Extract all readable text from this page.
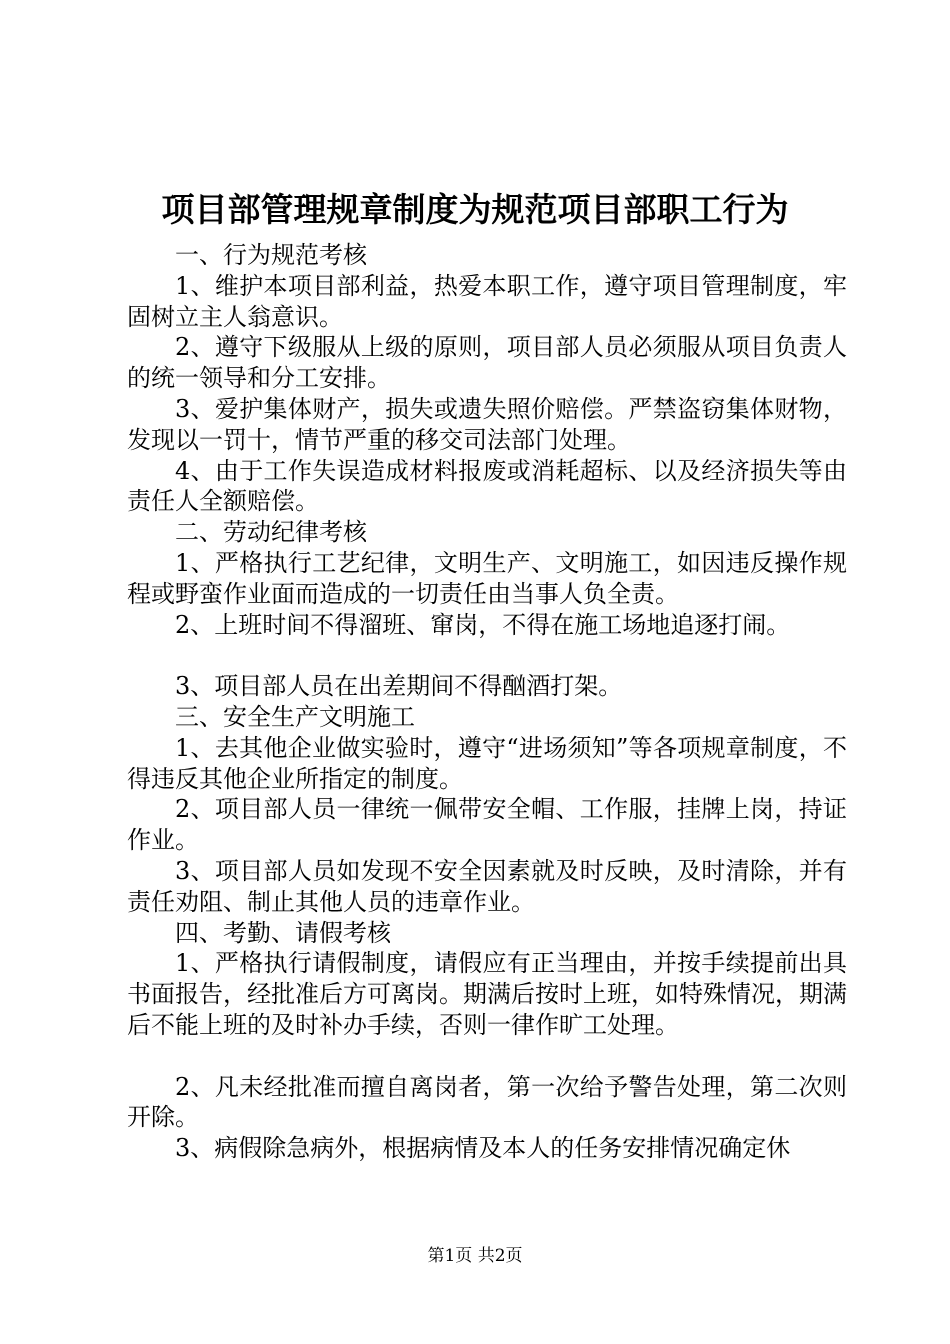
项目部管理规章制度为规范项目部职工行为

一、行为规范考核

1、维护本项目部利益，热爱本职工作，遵守项目管理制度，牢固树立主人翁意识。

2、遵守下级服从上级的原则，项目部人员必须服从项目负责人的统一领导和分工安排。

3、爱护集体财产，损失或遗失照价赔偿。严禁盗窃集体财物，发现以一罚十，情节严重的移交司法部门处理。

4、由于工作失误造成材料报废或消耗超标、以及经济损失等由责任人全额赔偿。

二、劳动纪律考核

1、严格执行工艺纪律，文明生产、文明施工，如因违反操作规程或野蛮作业面而造成的一切责任由当事人负全责。

2、上班时间不得溜班、窜岗，不得在施工场地追逐打闹。

3、项目部人员在出差期间不得酗酒打架。

三、安全生产文明施工

1、去其他企业做实验时，遵守“进场须知”等各项规章制度，不得违反其他企业所指定的制度。

2、项目部人员一律统一佩带安全帽、工作服，挂牌上岗，持证作业。

3、项目部人员如发现不安全因素就及时反映，及时清除，并有责任劝阻、制止其他人员的违章作业。

四、考勤、请假考核

1、严格执行请假制度，请假应有正当理由，并按手续提前出具书面报告，经批准后方可离岗。期满后按时上班，如特殊情况，期满后不能上班的及时补办手续，否则一律作旷工处理。

2、凡未经批准而擅自离岗者，第一次给予警告处理，第二次则开除。

3、病假除急病外，根据病情及本人的任务安排情况确定休

第1页 共2页
